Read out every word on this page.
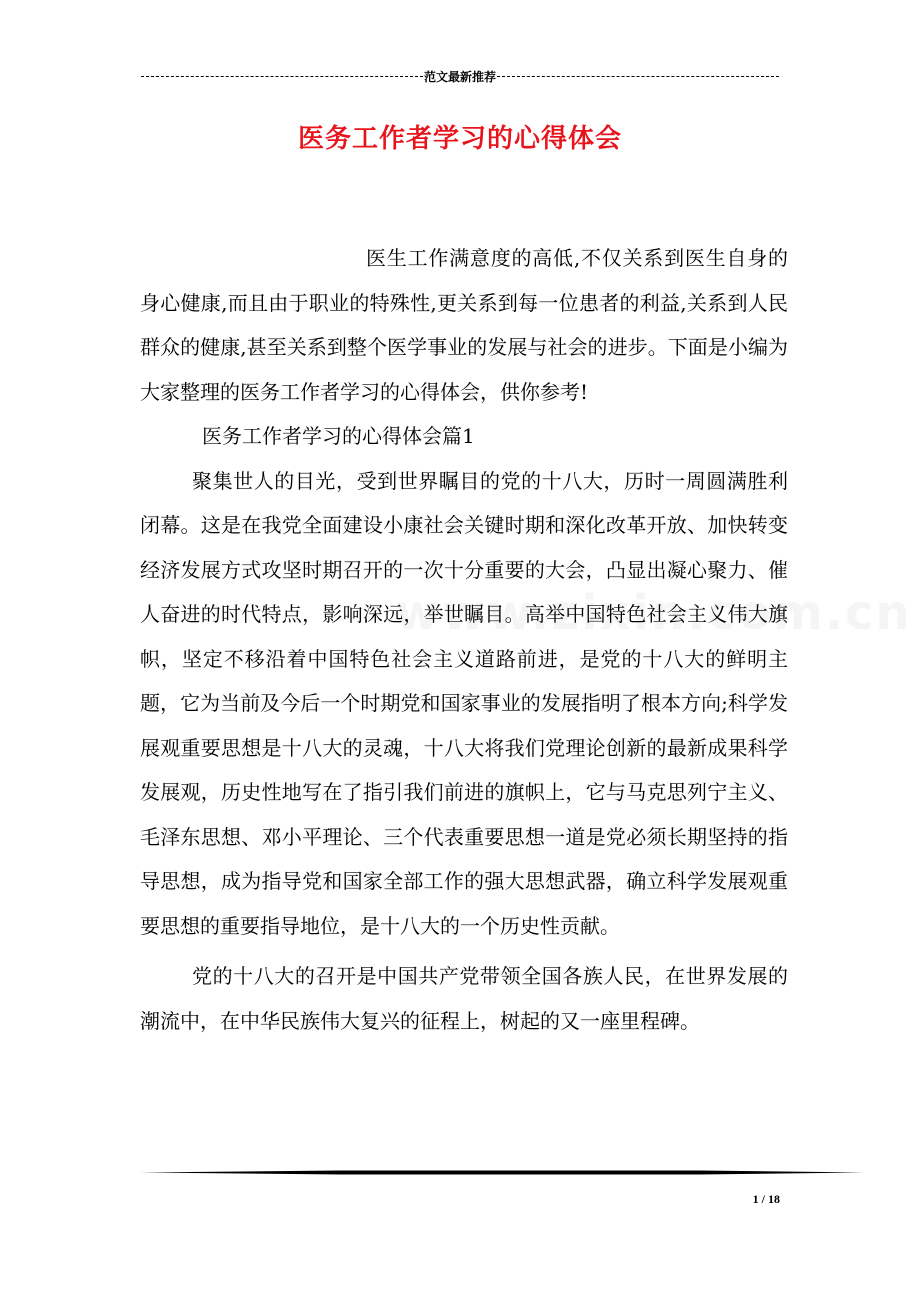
范文最新推荐
医务工作者学习的心得体会

医生工作满意度的高低,不仅关系到医生自身的身心健康,而且由于职业的特殊性,更关系到每一位患者的利益,关系到人民群众的健康,甚至关系到整个医学事业的发展与社会的进步。下面是小编为大家整理的医务工作者学习的心得体会，供你参考!

医务工作者学习的心得体会篇1

聚集世人的目光，受到世界瞩目的党的十八大，历时一周圆满胜利闭幕。这是在我党全面建设小康社会关键时期和深化改革开放、加快转变经济发展方式攻坚时期召开的一次十分重要的大会，凸显出凝心聚力、催人奋进的时代特点，影响深远，举世瞩目。高举中国特色社会主义伟大旗帜，坚定不移沿着中国特色社会主义道路前进，是党的十八大的鲜明主题，它为当前及今后一个时期党和国家事业的发展指明了根本方向;科学发展观重要思想是十八大的灵魂，十八大将我们党理论创新的最新成果科学发展观，历史性地写在了指引我们前进的旗帜上，它与马克思列宁主义、毛泽东思想、邓小平理论、三个代表重要思想一道是党必须长期坚持的指导思想，成为指导党和国家全部工作的强大思想武器，确立科学发展观重要思想的重要指导地位，是十八大的一个历史性贡献。

党的十八大的召开是中国共产党带领全国各族人民，在世界发展的潮流中，在中华民族伟大复兴的征程上，树起的又一座里程碑。

1 / 18
